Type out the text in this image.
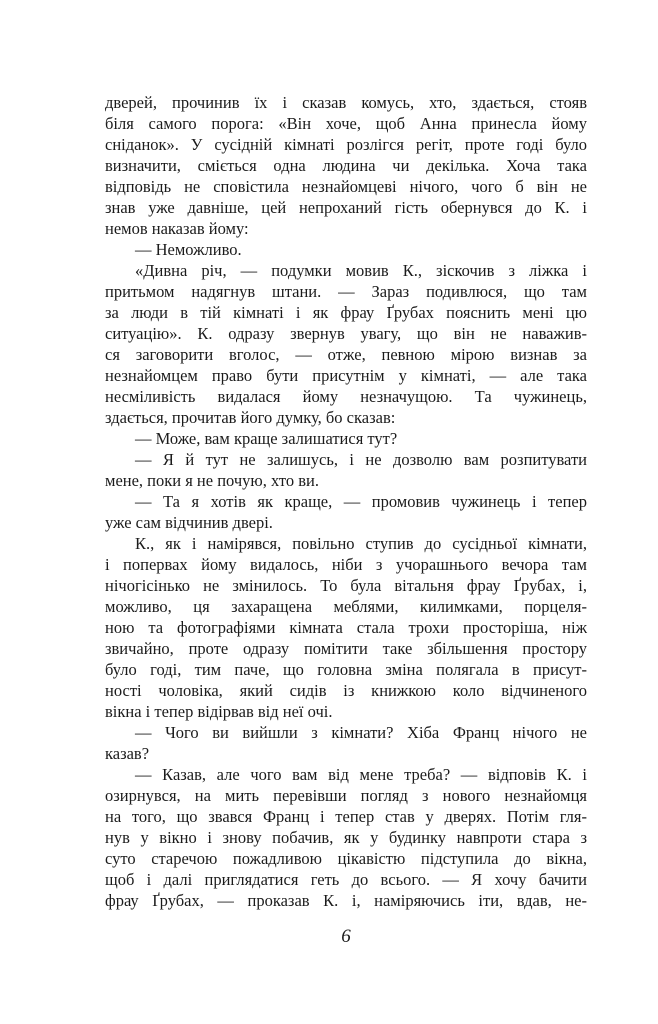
дверей, прочинив їх і сказав комусь, хто, здається, стояв
біля самого порога: «Він хоче, щоб Анна принесла йому
сніданок». У сусідній кімнаті розлігся регіт, проте годі було
визначити, сміється одна людина чи декілька. Хоча така
відповідь не сповістила незнайомцеві нічого, чого б він не
знав уже давніше, цей непроханий гість обернувся до К. і
немов наказав йому:
— Неможливо.
«Дивна річ, — подумки мовив К., зіскочив з ліжка і
притьмом надягнув штани. — Зараз подивлюся, що там
за люди в тій кімнаті і як фрау Ґрубах пояснить мені цю
ситуацію». К. одразу звернув увагу, що він не наважив-
ся заговорити вголос, — отже, певною мірою визнав за
незнайомцем право бути присутнім у кімнаті, — але така
несміливість видалася йому незначущою. Та чужинець,
здається, прочитав його думку, бо сказав:
— Може, вам краще залишатися тут?
— Я й тут не залишусь, і не дозволю вам розпитувати
мене, поки я не почую, хто ви.
— Та я хотів як краще, — промовив чужинець і тепер
уже сам відчинив двері.
К., як і намірявся, повільно ступив до сусідньої кімнати,
і попервах йому видалось, ніби з учорашнього вечора там
нічогісінько не змінилось. То була вітальня фрау Ґрубах, і,
можливо, ця захаращена меблями, килимками, порцеля-
ною та фотографіями кімната стала трохи просторіша, ніж
звичайно, проте одразу помітити таке збільшення простору
було годі, тим паче, що головна зміна полягала в присут-
ності чоловіка, який сидів із книжкою коло відчиненого
вікна і тепер відірвав від неї очі.
— Чого ви вийшли з кімнати? Хіба Франц нічого не
казав?
— Казав, але чого вам від мене треба? — відповів К. і
озирнувся, на мить перевівши погляд з нового незнайомця
на того, що звався Франц і тепер став у дверях. Потім гля-
нув у вікно і знову побачив, як у будинку навпроти стара з
суто старечою пожадливою цікавістю підступила до вікна,
щоб і далі приглядатися геть до всього. — Я хочу бачити
фрау Ґрубах, — проказав К. і, наміряючись іти, вдав, не-
6
